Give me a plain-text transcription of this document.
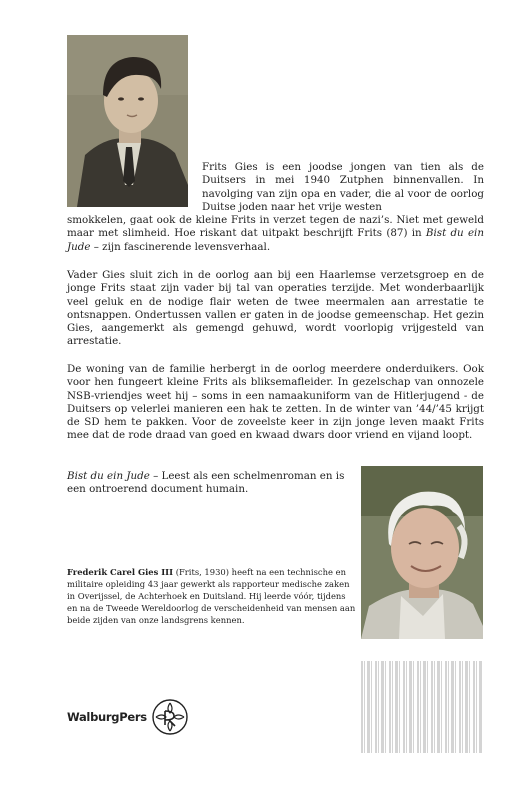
Frits Gies is een joodse jongen van tien als de Duitsers in mei 1940 Zutphen binnenvallen. In navolging van zijn opa en vader, die al voor de oorlog Duitse joden naar het vrije westen
smokkelen, gaat ook de kleine Frits in verzet tegen de nazi’s. Niet met geweld maar met slimheid. Hoe riskant dat uitpakt beschrijft Frits (87) in Bist du ein Jude – zijn fascinerende levensverhaal.

Vader Gies sluit zich in de oorlog aan bij een Haarlemse verzetsgroep en de jonge Frits staat zijn vader bij tal van operaties terzijde. Met wonderbaarlijk veel geluk en de nodige flair weten de twee meermalen aan arrestatie te ontsnappen. Ondertussen vallen er gaten in de joodse gemeenschap. Het gezin Gies, aangemerkt als gemengd gehuwd, wordt voorlopig vrijgesteld van arrestatie.

De woning van de familie herbergt in de oorlog meerdere onderduikers. Ook voor hen fungeert kleine Frits als bliksemafleider. In gezelschap van onnozele NSB-vriendjes weet hij – soms in een namaakuniform van de Hitlerjugend - de Duitsers op velerlei manieren een hak te zetten. In de winter van ’44/’45 krijgt de SD hem te pakken. Voor de zoveelste keer in zijn jonge leven maakt Frits mee dat de rode draad van goed en kwaad dwars door vriend en vijand loopt.

Bist du ein Jude – Leest als een schelmenroman en is een ontroerend document humain.

Frederik Carel Gies III (Frits, 1930) heeft na een technische en militaire opleiding 43 jaar gewerkt als rapporteur medische zaken in Overijssel, de Achterhoek en Duitsland. Hij leerde vóór, tijdens en na de Tweede Wereldoorlog de verscheidenheid van mensen aan beide zijden van onze landsgrens kennen.

WalburgPers
